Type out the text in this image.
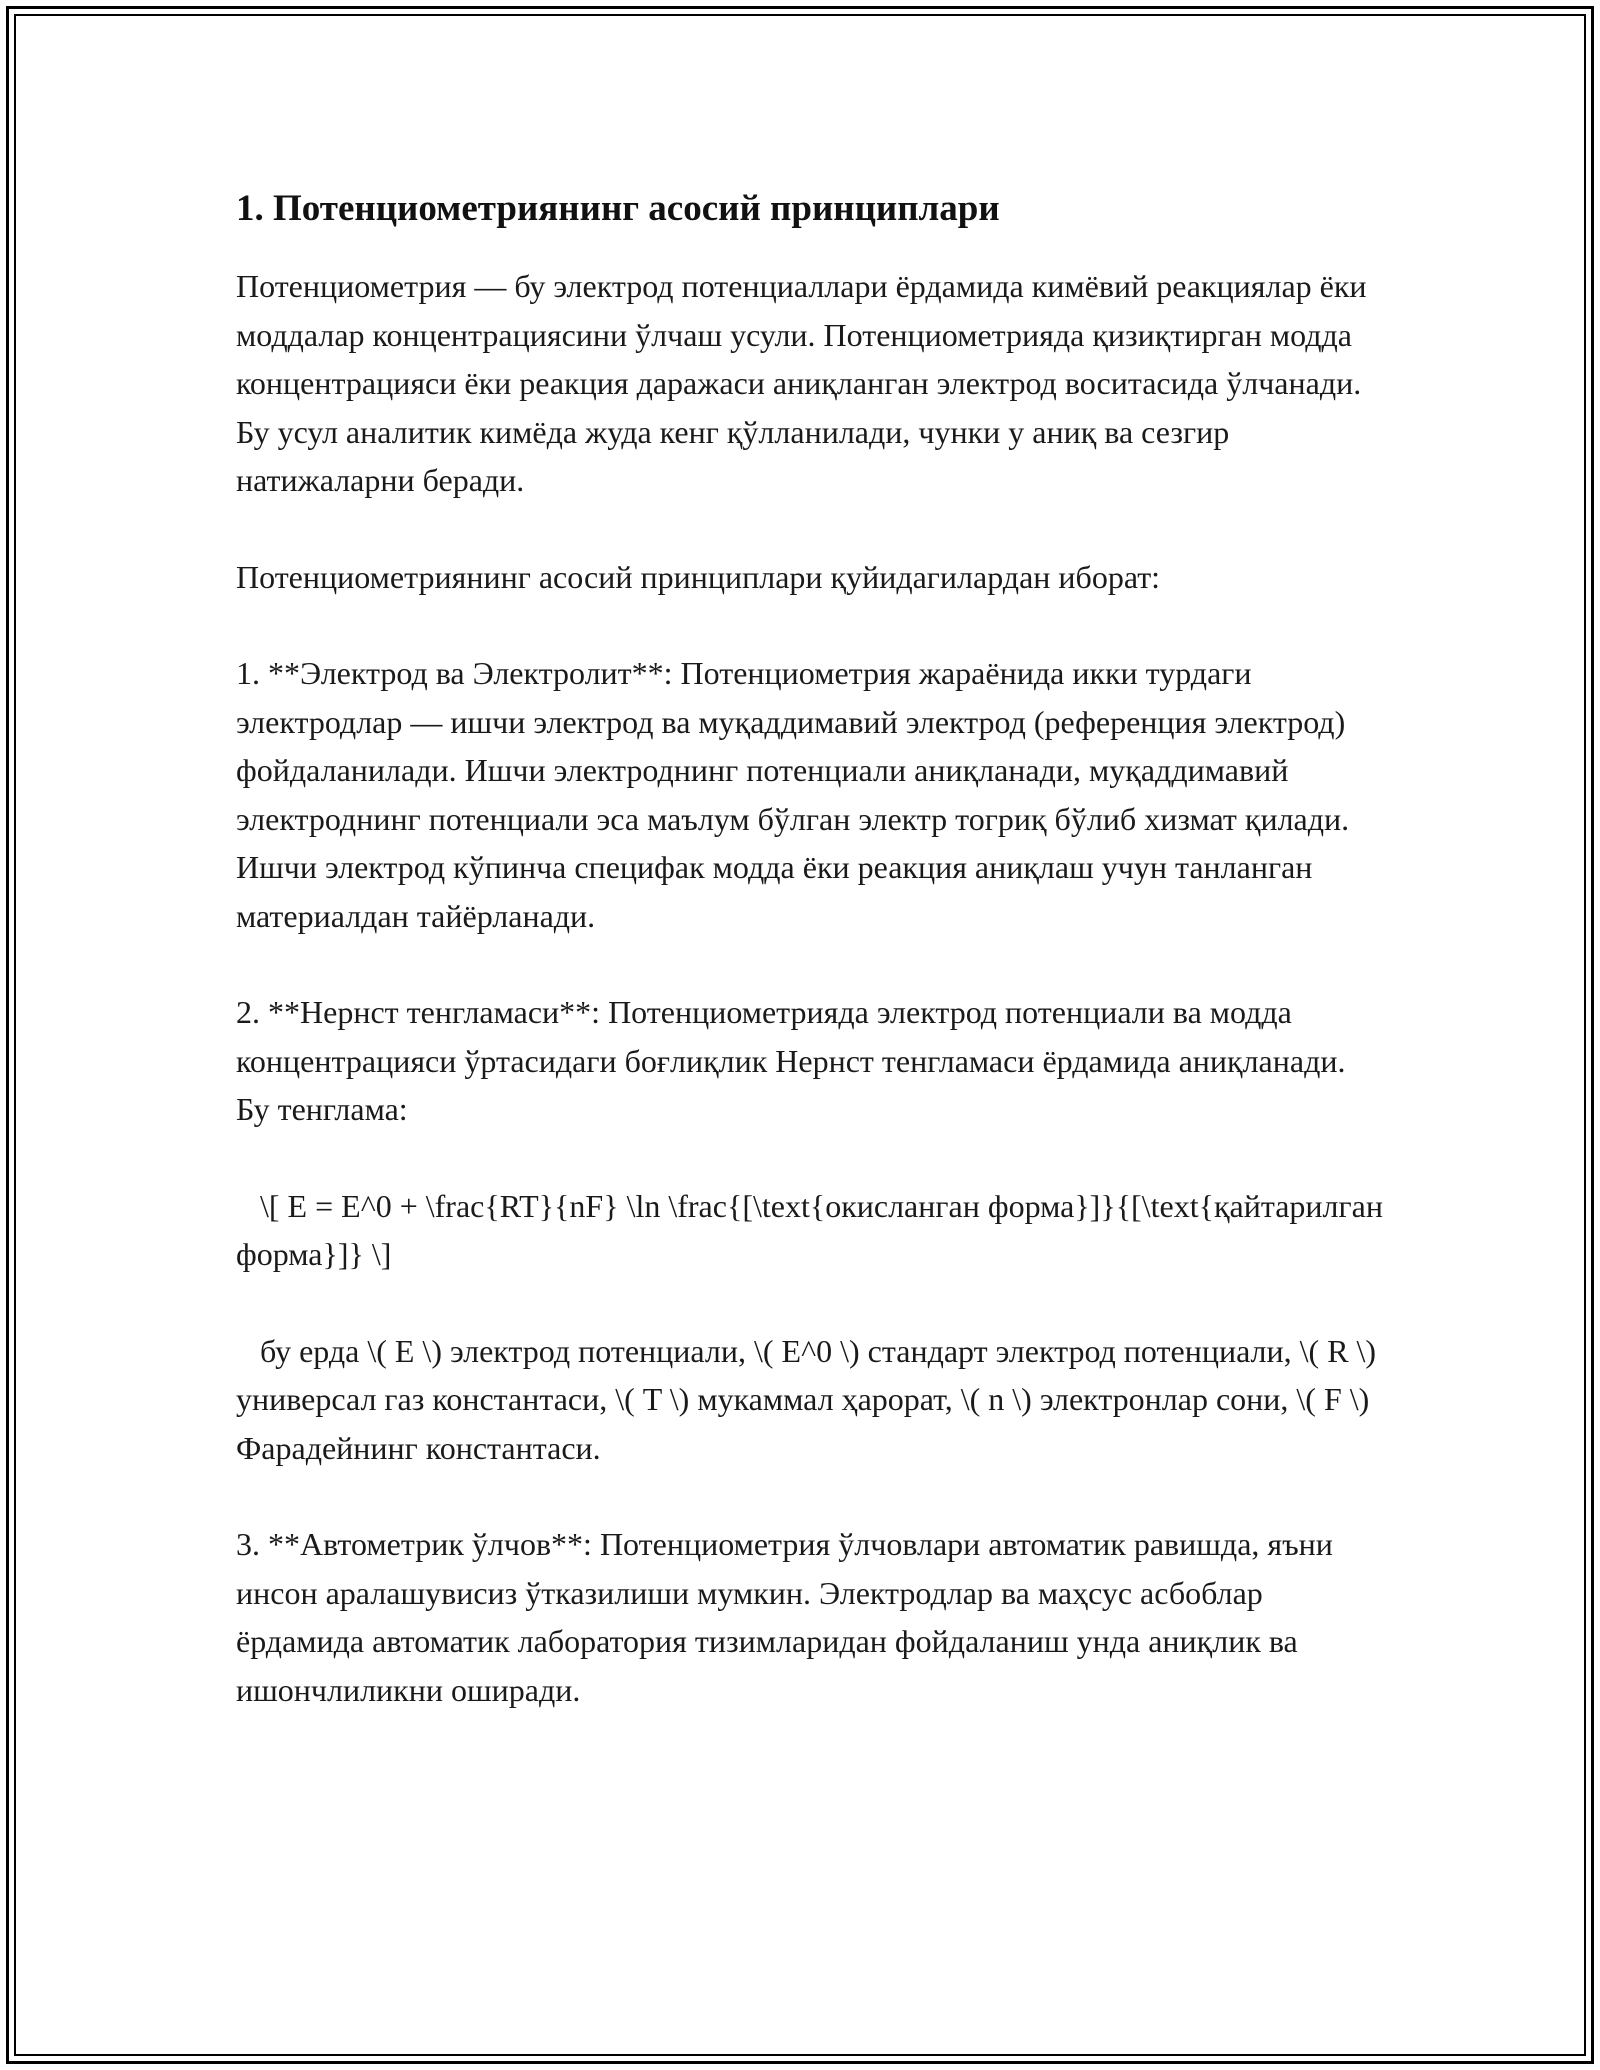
1. Потенциометриянинг асосий принциплари

Потенциометрия — бу электрод потенциаллари ёрдамида кимёвий реакциялар ёки моддалар концентрациясини ўлчаш усули. Потенциометрияда қизиқтирган модда концентрацияси ёки реакция даражаси аниқланган электрод воситасида ўлчанади. Бу усул аналитик кимёда жуда кенг қўлланилади, чунки у аниқ ва сезгир натижаларни беради.

Потенциометриянинг асосий принциплари қуйидагилардан иборат:

1. **Электрод ва Электролит**: Потенциометрия жараёнида икки турдаги электродлар — ишчи электрод ва муқаддимавий электрод (референция электрод) фойдаланилади. Ишчи электроднинг потенциали аниқланади, муқаддимавий электроднинг потенциали эса маълум бўлган электр тогриқ бўлиб хизмат қилади. Ишчи электрод кўпинча специфак модда ёки реакция аниқлаш учун танланган материалдан тайёрланади.

2. **Нернст тенгламаси**: Потенциометрияда электрод потенциали ва модда концентрацияси ўртасидаги боғлиқлик Нернст тенгламаси ёрдамида аниқланади. Бу тенглама:

\[ E = E^0 + \frac{RT}{nF} \ln \frac{[\text{окисланган форма}]}{[\text{қайтарилган форма}]} \]

бу ерда \( E \) электрод потенциали, \( E^0 \) стандарт электрод потенциали, \( R \) универсал газ константаси, \( T \) мукаммал ҳарорат, \( n \) электронлар сони, \( F \) Фарадейнинг константаси.

3. **Автометрик ўлчов**: Потенциометрия ўлчовлари автоматик равишда, яъни инсон аралашувисиз ўтказилиши мумкин. Электродлар ва маҳсус асбоблар ёрдамида автоматик лаборатория тизимларидан фойдаланиш унда аниқлик ва ишончлиликни оширади.
